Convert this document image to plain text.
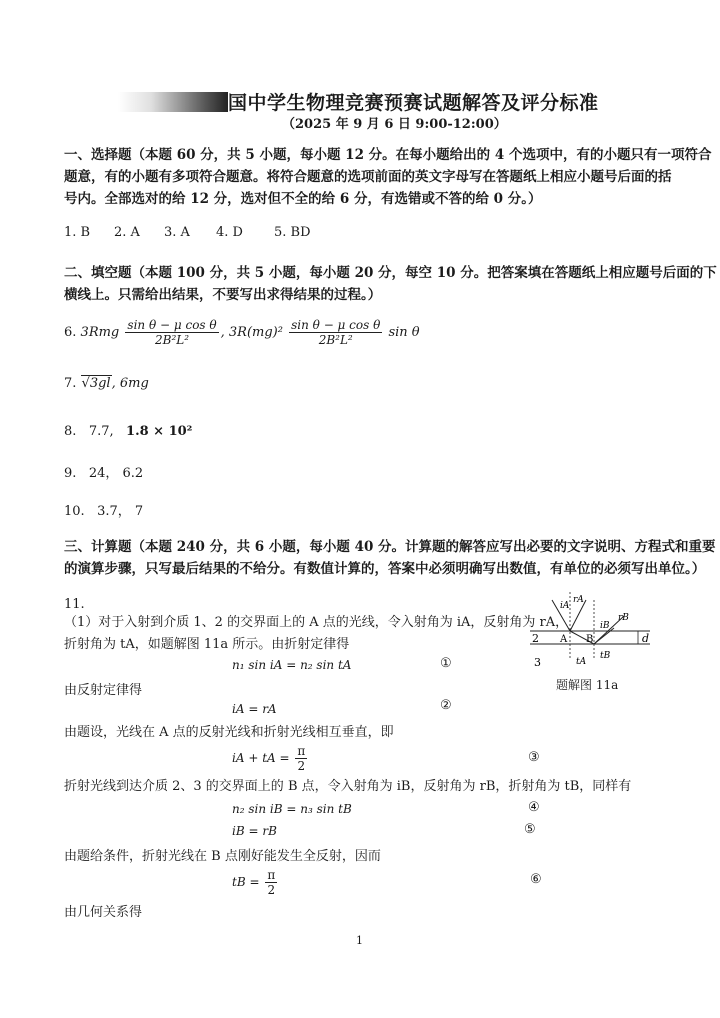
国中学生物理竞赛预赛试题解答及评分标准
（2025 年 9 月 6 日 9:00-12:00）
一、选择题（本题 60 分，共 5 小题，每小题 12 分。在每小题给出的 4 个选项中，有的小题只有一项符合
题意，有的小题有多项符合题意。将符合题意的选项前面的英文字母写在答题纸上相应小题号后面的括
号内。全部选对的给 12 分，选对但不全的给 6 分，有选错或不答的给 0 分。）
1. B 2. A 3. A 4. D 5. BD
二、填空题（本题 100 分，共 5 小题，每小题 20 分，每空 10 分。把答案填在答题纸上相应题号后面的下
横线上。只需给出结果，不要写出求得结果的过程。）
6. $3Rmg \frac{\text{sin θ − μ cos θ}}{\text{2B²L²}}$ , $3R(mg)^2 \frac{\text{sin θ − μ cos θ}}{\text{2B²L²}}$ sin θ
7. √3gl, 6mg
8. 7.7, 1.8 × 10²
9. 24， 6.2
10. 3.7， 7
三、计算题（本题 240 分，共 6 小题，每小题 40 分。计算题的解答应写出必要的文字说明、方程式和重要
的演算步骤，只写最后结果的不给分。有数值计算的，答案中必须明确写出数值，有单位的必须写出单位。）
11.
（1）对于入射到介质 1、2 的交界面上的 A 点的光线，令入射角为 iA，反射角为 rA，
折射角为 tA，如题解图 11a 所示。由折射定律得
n₁ sin iA = n₂ sin tA	①
由反射定律得
iA = rA	②
由题设，光线在 A 点的反射光线和折射光线相互垂直，即
iA + tA = $\frac{\pi}{2}$	③
折射光线到达介质 2、3 的交界面上的 B 点，令入射角为 iB，反射角为 rB，折射角为 tB，同样有
n₂ sin iB = n₃ sin tB	④
iB = rB	⑤
由题给条件，折射光线在 B 点刚好能发生全反射，因而
tB = $\frac{\pi}{2}$	⑥
由几何关系得
iA
rA
iB
rB
2
3
A B
tA
tB
d
题解图 11a
1
